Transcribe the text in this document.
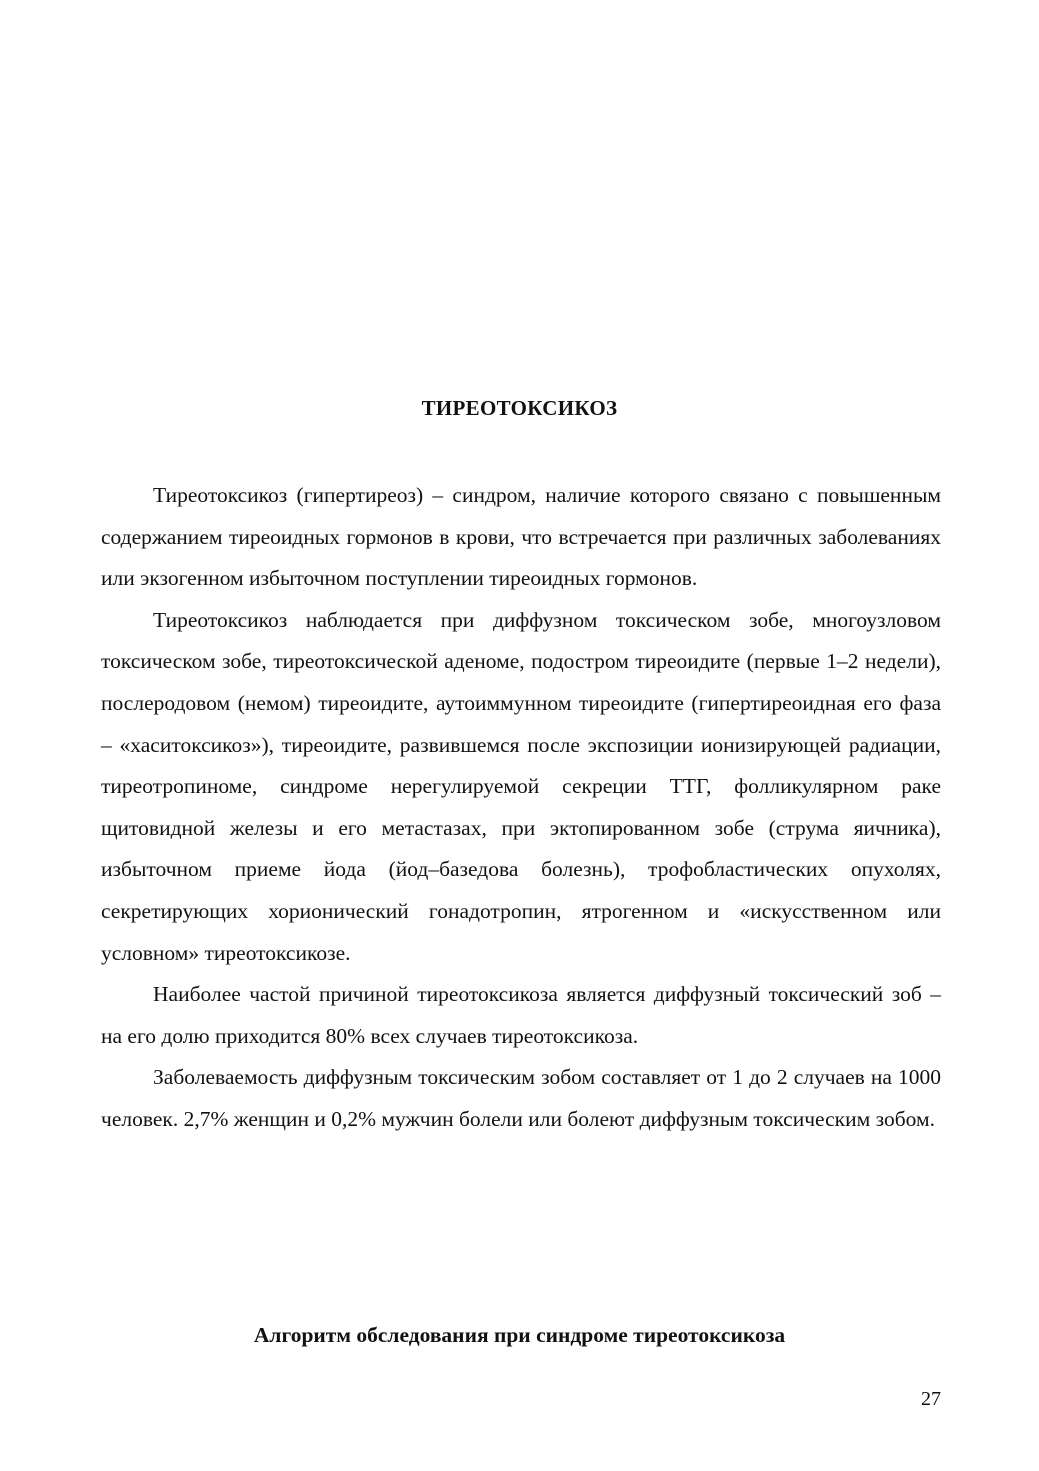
ТИРЕОТОКСИКОЗ

Тиреотоксикоз (гипертиреоз) – синдром, наличие которого связано с повышенным содержанием тиреоидных гормонов в крови, что встречается при различных заболеваниях или экзогенном избыточном поступлении тиреоидных гормонов.

Тиреотоксикоз наблюдается при диффузном токсическом зобе, многоузловом токсическом зобе, тиреотоксической аденоме, подостром тиреоидите (первые 1–2 недели), послеродовом (немом) тиреоидите, аутоиммунном тиреоидите (гипертиреоидная его фаза – «хаситоксикоз»), тиреоидите, развившемся после экспозиции ионизирующей радиации, тиреотропиноме, синдроме нерегулируемой секреции ТТГ, фолликулярном раке щитовидной железы и его метастазах, при эктопированном зобе (струма яичника), избыточном приеме йода (йод–базедова болезнь), трофобластических опухолях, секретирующих хорионический гонадотропин, ятрогенном и «искусственном или условном» тиреотоксикозе.

Наиболее частой причиной тиреотоксикоза является диффузный токсический зоб – на его долю приходится 80% всех случаев тиреотоксикоза.

Заболеваемость диффузным токсическим зобом составляет от 1 до 2 случаев на 1000 человек. 2,7% женщин и 0,2% мужчин болели или болеют диффузным токсическим зобом.

Алгоритм обследования при синдроме тиреотоксикоза
27
